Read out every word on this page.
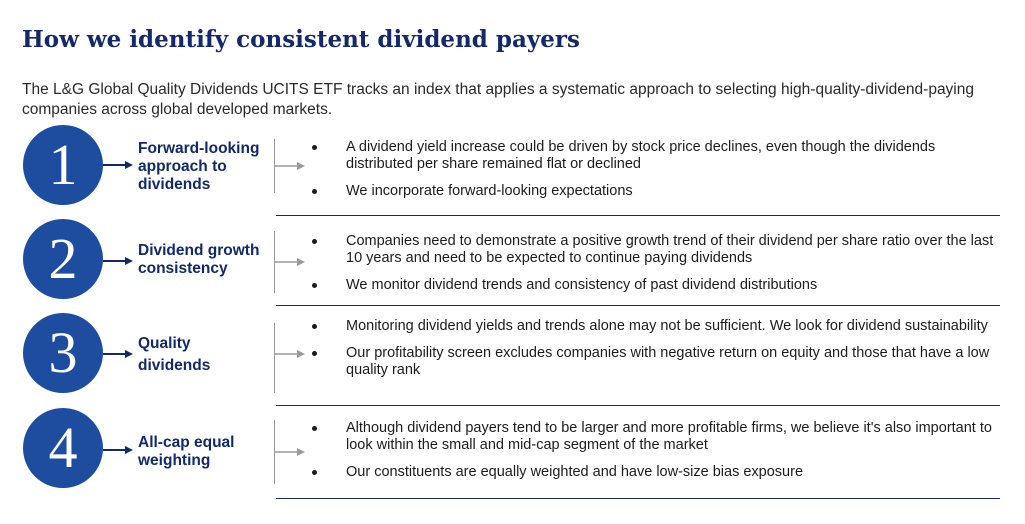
How we identify consistent dividend payers
The L&G Global Quality Dividends UCITS ETF tracks an index that applies a systematic approach to selecting high-quality-dividend-paying companies across global developed markets.
1	Forward-looking approach to dividends
A dividend yield increase could be driven by stock price declines, even though the dividends distributed per share remained flat or declined
We incorporate forward-looking expectations
2	Dividend growth consistency
Companies need to demonstrate a positive growth trend of their dividend per share ratio over the last 10 years and need to be expected to continue paying dividends
We monitor dividend trends and consistency of past dividend distributions
3	Quality dividends
Monitoring dividend yields and trends alone may not be sufficient. We look for dividend sustainability
Our profitability screen excludes companies with negative return on equity and those that have a low quality rank
4	All-cap equal weighting
Although dividend payers tend to be larger and more profitable firms, we believe it's also important to look within the small and mid-cap segment of the market
Our constituents are equally weighted and have low-size bias exposure
